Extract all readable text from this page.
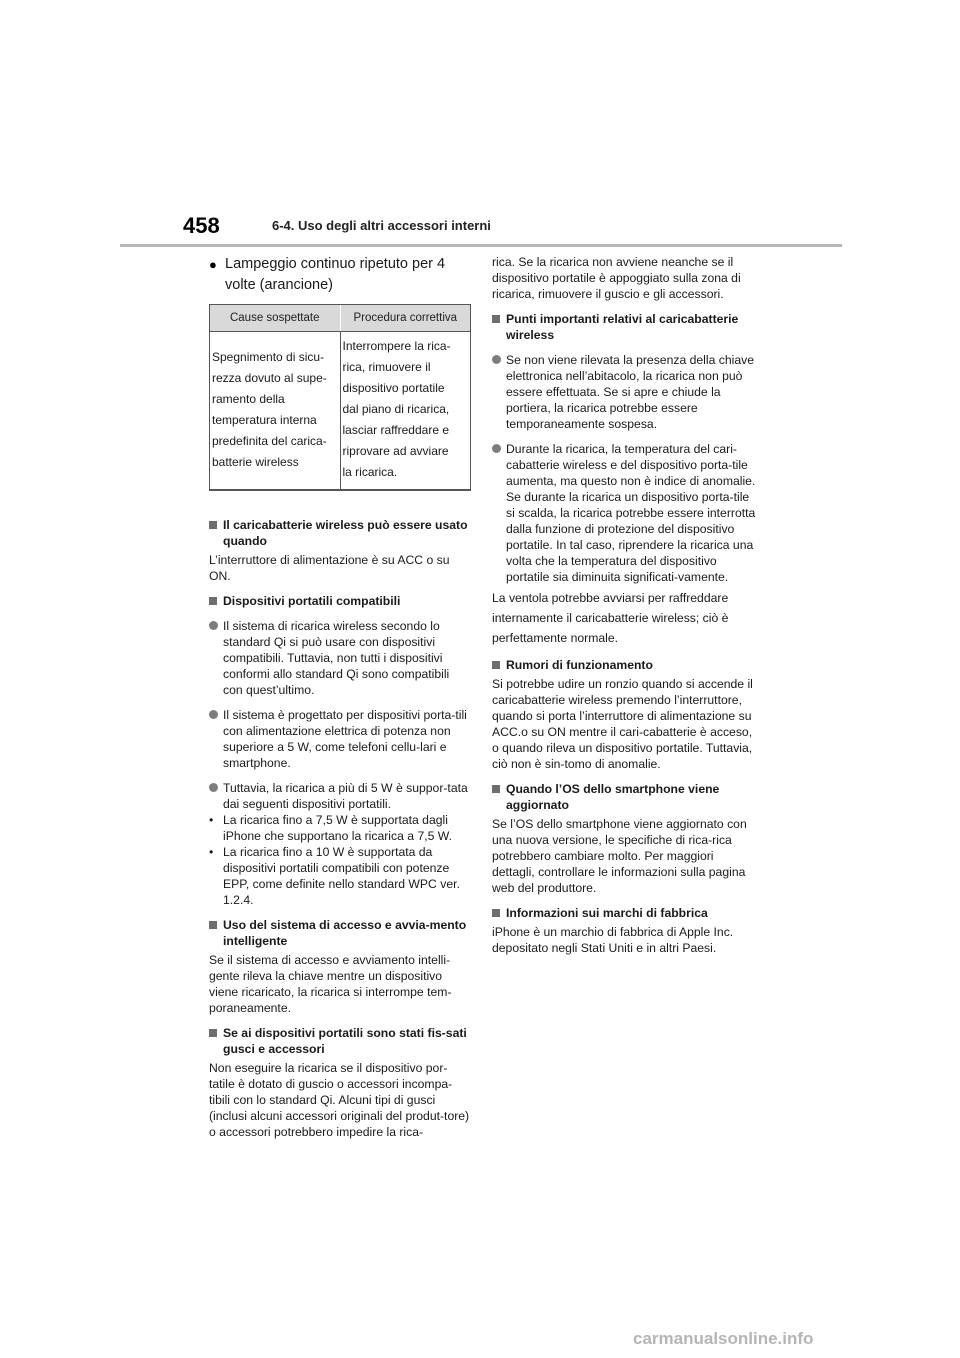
458	6-4. Uso degli altri accessori interni
● Lampeggio continuo ripetuto per 4 volte (arancione)
Cause sospettate	Procedura correttiva
Spegnimento di sicu-
rezza dovuto al supe-
ramento della
temperatura interna
predefinita del carica-
batterie wireless
Interrompere la rica-
rica, rimuovere il
dispositivo portatile
dal piano di ricarica,
lasciar raffreddare e
riprovare ad avviare
la ricarica.
Il caricabatterie wireless può essere usato quando

L’interruttore di alimentazione è su ACC o su ON.

Dispositivi portatili compatibili
Il sistema di ricarica wireless secondo lo standard Qi si può usare con dispositivi compatibili. Tuttavia, non tutti i dispositivi conformi allo standard Qi sono compatibili con quest’ultimo.
Il sistema è progettato per dispositivi porta-tili con alimentazione elettrica di potenza non superiore a 5 W, come telefoni cellu-lari e smartphone.
Tuttavia, la ricarica a più di 5 W è suppor-tata dai seguenti dispositivi portatili.
• La ricarica fino a 7,5 W è supportata dagli iPhone che supportano la ricarica a 7,5 W.
• La ricarica fino a 10 W è supportata da dispositivi portatili compatibili con potenze EPP, come definite nello standard WPC ver. 1.2.4.
Uso del sistema di accesso e avvia-mento intelligente

Se il sistema di accesso e avviamento intelli-gente rileva la chiave mentre un dispositivo viene ricaricato, la ricarica si interrompe tem-poraneamente.

Se ai dispositivi portatili sono stati fis-sati gusci e accessori

Non eseguire la ricarica se il dispositivo por-tatile è dotato di guscio o accessori incompa-tibili con lo standard Qi. Alcuni tipi di gusci (inclusi alcuni accessori originali del produt-tore) o accessori potrebbero impedire la rica-

rica. Se la ricarica non avviene neanche se il dispositivo portatile è appoggiato sulla zona di ricarica, rimuovere il guscio e gli accessori.

Punti importanti relativi al caricabatterie wireless
Se non viene rilevata la presenza della chiave elettronica nell’abitacolo, la ricarica non può essere effettuata. Se si apre e chiude la portiera, la ricarica potrebbe essere temporaneamente sospesa.
Durante la ricarica, la temperatura del cari-cabatterie wireless e del dispositivo porta-tile aumenta, ma questo non è indice di anomalie.
Se durante la ricarica un dispositivo porta-tile si scalda, la ricarica potrebbe essere interrotta dalla funzione di protezione del dispositivo portatile. In tal caso, riprendere la ricarica una volta che la temperatura del dispositivo portatile sia diminuita significati-vamente.

La ventola potrebbe avviarsi per raffreddare internamente il caricabatterie wireless; ciò è perfettamente normale.

Rumori di funzionamento

Si potrebbe udire un ronzio quando si accende il caricabatterie wireless premendo l’interruttore, quando si porta l’interruttore di alimentazione su ACC.o su ON mentre il cari-cabatterie è acceso, o quando rileva un dispositivo portatile. Tuttavia, ciò non è sin-tomo di anomalie.

Quando l’OS dello smartphone viene aggiornato

Se l’OS dello smartphone viene aggiornato con una nuova versione, le specifiche di rica-rica potrebbero cambiare molto. Per maggiori dettagli, controllare le informazioni sulla pagina web del produttore.

Informazioni sui marchi di fabbrica

iPhone è un marchio di fabbrica di Apple Inc. depositato negli Stati Uniti e in altri Paesi.

carmanualsonline.info
